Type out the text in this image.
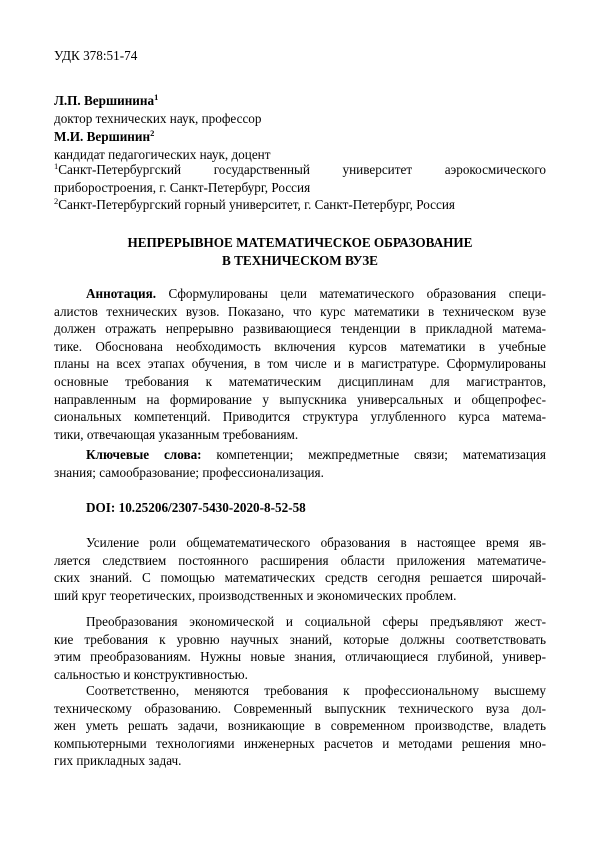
УДК 378:51-74
Л.П. Вершинина$^1$
доктор технических наук, профессор
М.И. Вершинин$^2$
кандидат педагогических наук, доцент
$^1$Санкт-Петербургский государственный университет аэрокосмического
приборостроения, г. Санкт-Петербург, Россия
$^2$Санкт-Петербургский горный университет, г. Санкт-Петербург, Россия
НЕПРЕРЫВНОЕ МАТЕМАТИЧЕСКОЕ ОБРАЗОВАНИЕ
В ТЕХНИЧЕСКОМ ВУЗЕ
Аннотация. Сформулированы цели математического образования специ-
алистов технических вузов. Показано, что курс математики в техническом вузе
должен отражать непрерывно развивающиеся тенденции в прикладной матема-
тике. Обоснована необходимость включения курсов математики в учебные
планы на всех этапах обучения, в том числе и в магистратуре. Сформулированы
основные требования к математическим дисциплинам для магистрантов,
направленным на формирование у выпускника универсальных и общепрофес-
сиональных компетенций. Приводится структура углубленного курса матема-
тики, отвечающая указанным требованиям.
Ключевые слова: компетенции; межпредметные связи; математизация
знания; самообразование; профессионализация.
DOI: 10.25206/2307-5430-2020-8-52-58
Усиление роли общематематического образования в настоящее время яв-
ляется следствием постоянного расширения области приложения математиче-
ских знаний. С помощью математических средств сегодня решается широчай-
ший круг теоретических, производственных и экономических проблем.
Преобразования экономической и социальной сферы предъявляют жест-
кие требования к уровню научных знаний, которые должны соответствовать
этим преобразованиям. Нужны новые знания, отличающиеся глубиной, универ-
сальностью и конструктивностью.
Соответственно, меняются требования к профессиональному высшему
техническому образованию. Современный выпускник технического вуза дол-
жен уметь решать задачи, возникающие в современном производстве, владеть
компьютерными технологиями инженерных расчетов и методами решения мно-
гих прикладных задач.
